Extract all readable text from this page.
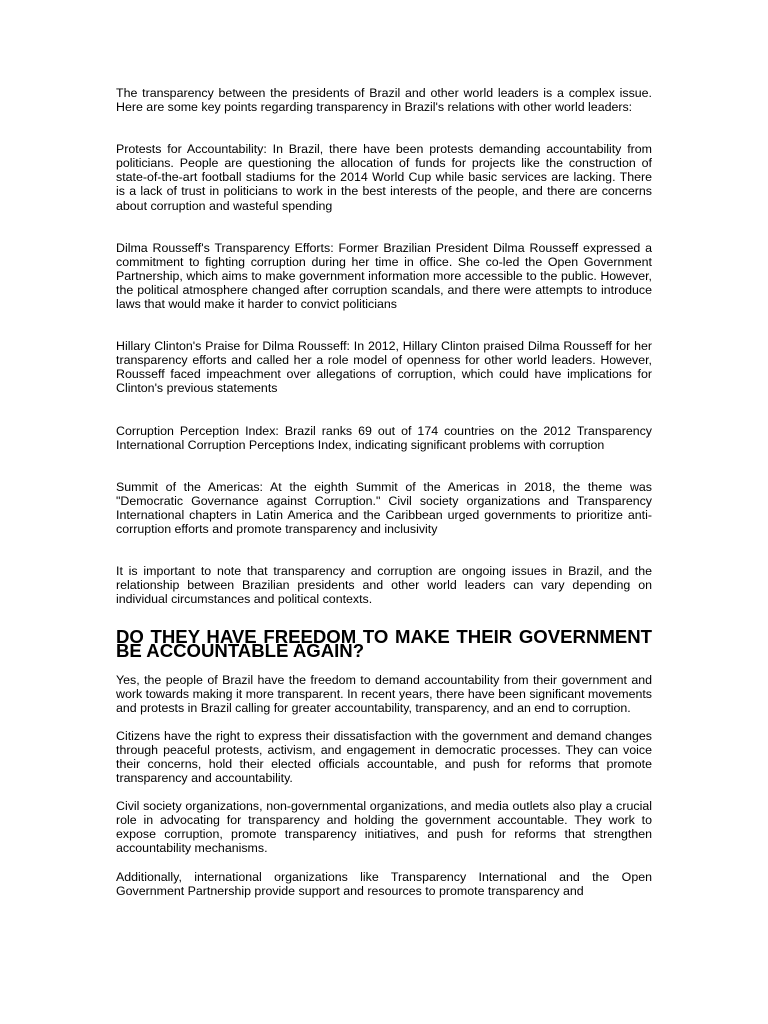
The transparency between the presidents of Brazil and other world leaders is a complex issue. Here are some key points regarding transparency in Brazil's relations with other world leaders:

Protests for Accountability: In Brazil, there have been protests demanding accountability from politicians. People are questioning the allocation of funds for projects like the construction of state-of-the-art football stadiums for the 2014 World Cup while basic services are lacking. There is a lack of trust in politicians to work in the best interests of the people, and there are concerns about corruption and wasteful spending

Dilma Rousseff's Transparency Efforts: Former Brazilian President Dilma Rousseff expressed a commitment to fighting corruption during her time in office. She co-led the Open Government Partnership, which aims to make government information more accessible to the public. However, the political atmosphere changed after corruption scandals, and there were attempts to introduce laws that would make it harder to convict politicians

Hillary Clinton's Praise for Dilma Rousseff: In 2012, Hillary Clinton praised Dilma Rousseff for her transparency efforts and called her a role model of openness for other world leaders. However, Rousseff faced impeachment over allegations of corruption, which could have implications for Clinton's previous statements

Corruption Perception Index: Brazil ranks 69 out of 174 countries on the 2012 Transparency International Corruption Perceptions Index, indicating significant problems with corruption

Summit of the Americas: At the eighth Summit of the Americas in 2018, the theme was "Democratic Governance against Corruption." Civil society organizations and Transparency International chapters in Latin America and the Caribbean urged governments to prioritize anti-corruption efforts and promote transparency and inclusivity

It is important to note that transparency and corruption are ongoing issues in Brazil, and the relationship between Brazilian presidents and other world leaders can vary depending on individual circumstances and political contexts.

DO THEY HAVE FREEDOM TO MAKE THEIR GOVERNMENT BE ACCOUNTABLE AGAIN?

Yes, the people of Brazil have the freedom to demand accountability from their government and work towards making it more transparent. In recent years, there have been significant movements and protests in Brazil calling for greater accountability, transparency, and an end to corruption.

Citizens have the right to express their dissatisfaction with the government and demand changes through peaceful protests, activism, and engagement in democratic processes. They can voice their concerns, hold their elected officials accountable, and push for reforms that promote transparency and accountability.

Civil society organizations, non-governmental organizations, and media outlets also play a crucial role in advocating for transparency and holding the government accountable. They work to expose corruption, promote transparency initiatives, and push for reforms that strengthen accountability mechanisms.

Additionally, international organizations like Transparency International and the Open Government Partnership provide support and resources to promote transparency and
